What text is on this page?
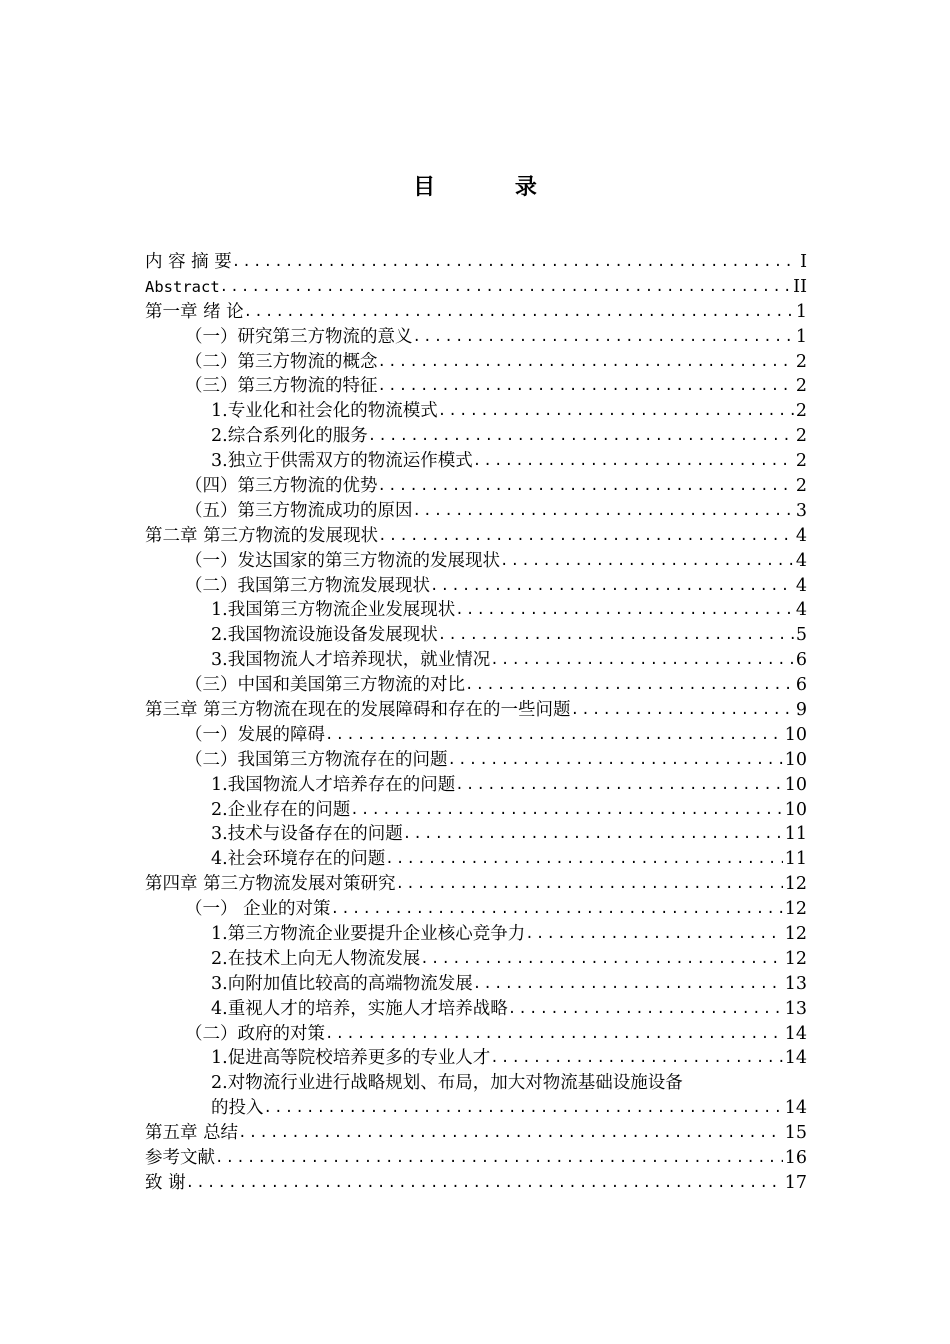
目 录
内 容 摘 要 .....	I
Abstract .....	II
第一章 绪 论 .....	1
（一）研究第三方物流的意义 .....	1
（二）第三方物流的概念 .....	2
（三）第三方物流的特征 .....	2
1.专业化和社会化的物流模式 .....	2
2.综合系列化的服务 .....	2
3.独立于供需双方的物流运作模式 .....	2
（四）第三方物流的优势 .....	2
（五）第三方物流成功的原因 .....	3
第二章 第三方物流的发展现状 .....	4
（一）发达国家的第三方物流的发展现状 .....	4
（二）我国第三方物流发展现状 .....	4
1.我国第三方物流企业发展现状 .....	4
2.我国物流设施设备发展现状 .....	5
3.我国物流人才培养现状，就业情况 .....	6
（三）中国和美国第三方物流的对比 .....	6
第三章 第三方物流在现在的发展障碍和存在的一些问题 .....	9
（一）发展的障碍 .....	10
（二）我国第三方物流存在的问题 .....	10
1.我国物流人才培养存在的问题 .....	10
2.企业存在的问题 .....	10
3.技术与设备存在的问题 .....	11
4.社会环境存在的问题 .....	11
第四章 第三方物流发展对策研究 .....	12
（一） 企业的对策 .....	12
1.第三方物流企业要提升企业核心竞争力 .....	12
2.在技术上向无人物流发展 .....	12
3.向附加值比较高的高端物流发展 .....	13
4.重视人才的培养，实施人才培养战略 .....	13
（二）政府的对策 .....	14
1.促进高等院校培养更多的专业人才 .....	14
2.对物流行业进行战略规划、布局，加大对物流基础设施设备
的投入 .....	14
第五章 总结 .....	15
参考文献 .....	16
致 谢 .....	17
